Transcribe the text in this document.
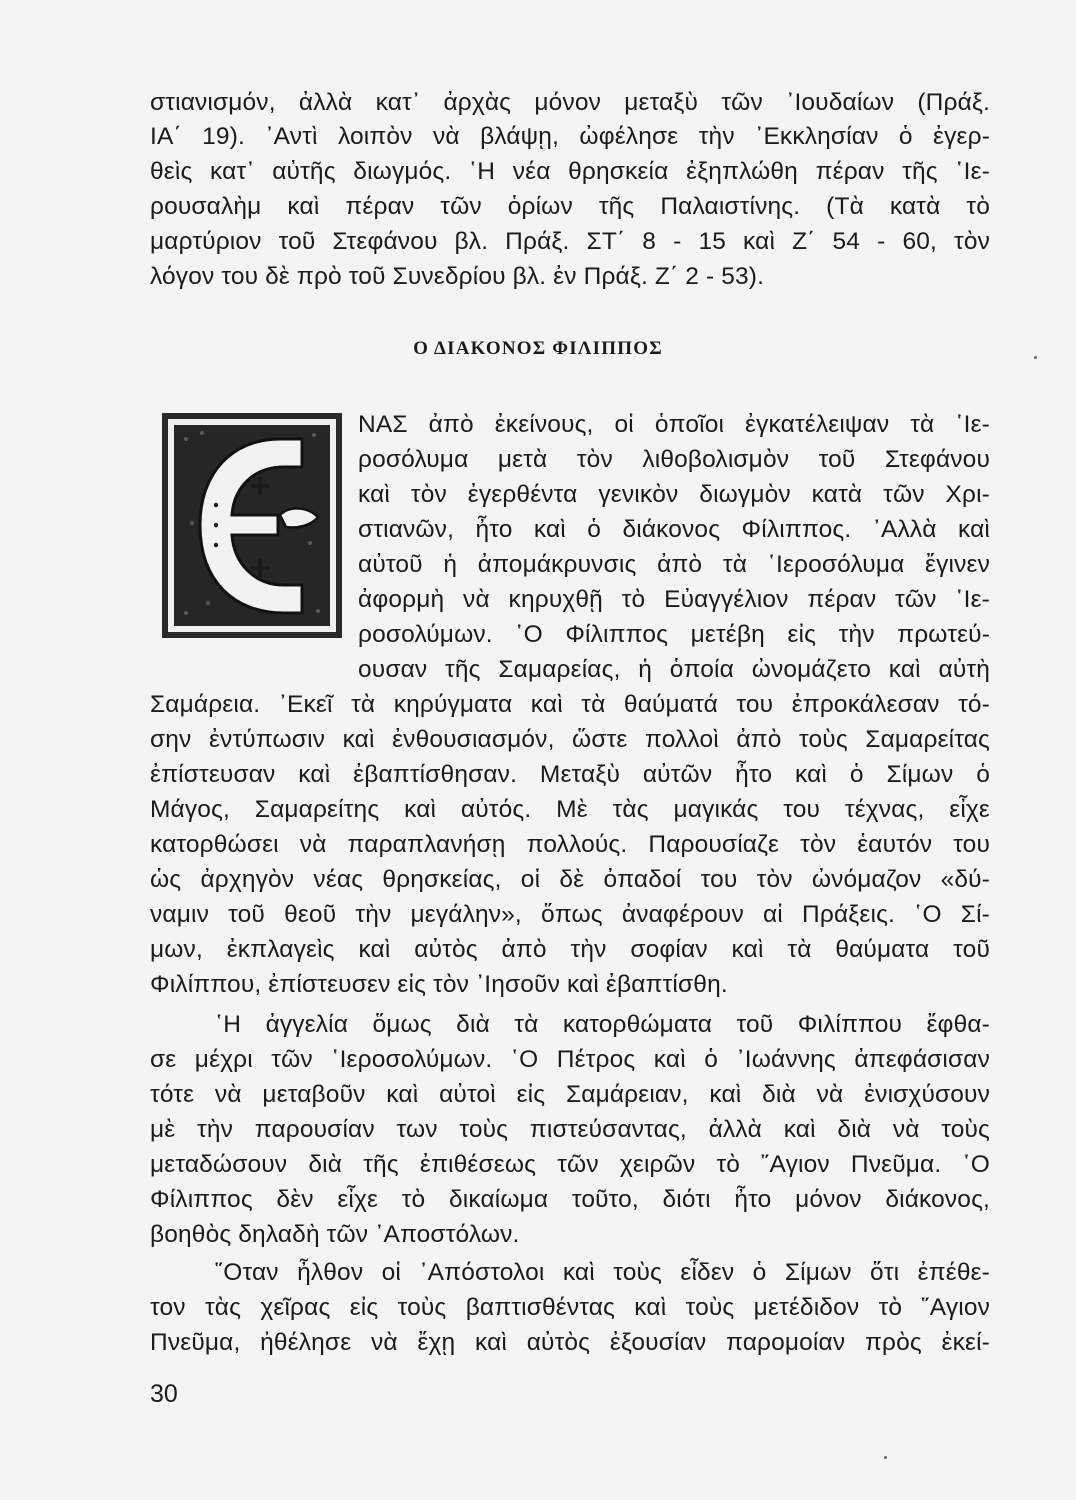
στιανισμόν, ἀλλὰ κατ᾿ ἀρχὰς μόνον μεταξὺ τῶν ᾿Ιουδαίων (Πράξ.
ΙΑ΄ 19). ᾿Αντὶ λοιπὸν νὰ βλάψῃ, ὠφέλησε τὴν ᾿Εκκλησίαν ὁ ἐγερ-
θεὶς κατ᾿ αὐτῆς διωγμός. ῾Η νέα θρησκεία ἐξηπλώθη πέραν τῆς ῾Ιε-
ρουσαλὴμ καὶ πέραν τῶν ὁρίων τῆς Παλαιστίνης. (Τὰ κατὰ τὸ
μαρτύριον τοῦ Στεφάνου βλ. Πράξ. ΣΤ΄ 8 - 15 καὶ Ζ΄ 54 - 60, τὸν
λόγον του δὲ πρὸ τοῦ Συνεδρίου βλ. ἐν Πράξ. Ζ΄ 2 - 53).
Ο ΔΙΑΚΟΝΟΣ ΦΙΛΙΠΠΟΣ
ΝΑΣ ἀπὸ ἐκείνους, οἱ ὁποῖοι ἐγκατέλειψαν τὰ ῾Ιε-
ροσόλυμα μετὰ τὸν λιθοβολισμὸν τοῦ Στεφάνου
καὶ τὸν ἐγερθέντα γενικὸν διωγμὸν κατὰ τῶν Χρι-
στιανῶν, ἦτο καὶ ὁ διάκονος Φίλιππος. ᾿Αλλὰ καὶ
αὐτοῦ ἡ ἀπομάκρυνσις ἀπὸ τὰ ῾Ιεροσόλυμα ἔγινεν
ἀφορμὴ νὰ κηρυχθῇ τὸ Εὐαγγέλιον πέραν τῶν ῾Ιε-
ροσολύμων. ῾Ο Φίλιππος μετέβη εἰς τὴν πρωτεύ-
ουσαν τῆς Σαμαρείας, ἡ ὁποία ὠνομάζετο καὶ αὐτὴ
Σαμάρεια. ᾿Εκεῖ τὰ κηρύγματα καὶ τὰ θαύματά του ἐπροκάλεσαν τό-
σην ἐντύπωσιν καὶ ἐνθουσιασμόν, ὥστε πολλοὶ ἀπὸ τοὺς Σαμαρείτας
ἐπίστευσαν καὶ ἐβαπτίσθησαν. Μεταξὺ αὐτῶν ἦτο καὶ ὁ Σίμων ὁ
Μάγος, Σαμαρείτης καὶ αὐτός. Μὲ τὰς μαγικάς του τέχνας, εἶχε
κατορθώσει νὰ παραπλανήσῃ πολλούς. Παρουσίαζε τὸν ἑαυτόν του
ὡς ἀρχηγὸν νέας θρησκείας, οἱ δὲ ὀπαδοί του τὸν ὠνόμαζον «δύ-
ναμιν τοῦ θεοῦ τὴν μεγάλην», ὅπως ἀναφέρουν αἱ Πράξεις. ῾Ο Σί-
μων, ἐκπλαγεὶς καὶ αὐτὸς ἀπὸ τὴν σοφίαν καὶ τὰ θαύματα τοῦ
Φιλίππου, ἐπίστευσεν εἰς τὸν ᾿Ιησοῦν καὶ ἐβαπτίσθη.
῾Η ἀγγελία ὅμως διὰ τὰ κατορθώματα τοῦ Φιλίππου ἔφθα-
σε μέχρι τῶν ῾Ιεροσολύμων. ῾Ο Πέτρος καὶ ὁ ᾿Ιωάννης ἀπεφάσισαν
τότε νὰ μεταβοῦν καὶ αὐτοὶ εἰς Σαμάρειαν, καὶ διὰ νὰ ἐνισχύσουν
μὲ τὴν παρουσίαν των τοὺς πιστεύσαντας, ἀλλὰ καὶ διὰ νὰ τοὺς
μεταδώσουν διὰ τῆς ἐπιθέσεως τῶν χειρῶν τὸ ῞Αγιον Πνεῦμα. ῾Ο
Φίλιππος δὲν εἶχε τὸ δικαίωμα τοῦτο, διότι ἦτο μόνον διάκονος,
βοηθὸς δηλαδὴ τῶν ᾿Αποστόλων.
῞Οταν ἦλθον οἱ ᾿Απόστολοι καὶ τοὺς εἶδεν ὁ Σίμων ὅτι ἐπέθε-
τον τὰς χεῖρας εἰς τοὺς βαπτισθέντας καὶ τοὺς μετέδιδον τὸ ῞Αγιον
Πνεῦμα, ἠθέλησε νὰ ἔχῃ καὶ αὐτὸς ἐξουσίαν παρομοίαν πρὸς ἐκεί-
30
